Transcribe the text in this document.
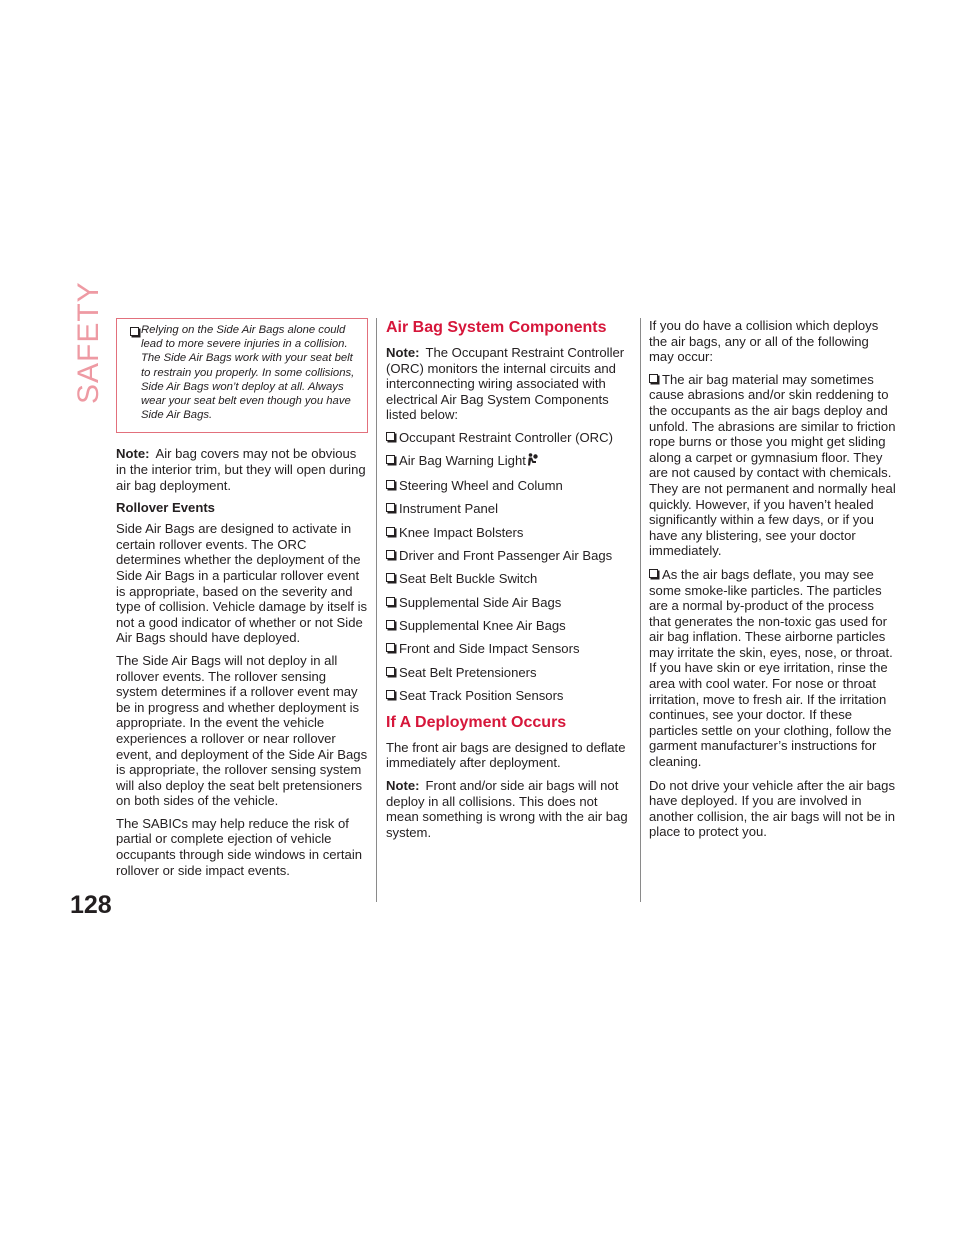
SAFETY
128
Relying on the Side Air Bags alone could lead to more severe injuries in a collision. The Side Air Bags work with your seat belt to restrain you properly. In some collisions, Side Air Bags won’t deploy at all. Always wear your seat belt even though you have Side Air Bags.

Note: Air bag covers may not be obvious in the interior trim, but they will open during air bag deployment.

Rollover Events

Side Air Bags are designed to activate in certain rollover events. The ORC determines whether the deployment of the Side Air Bags in a particular rollover event is appropriate, based on the severity and type of collision. Vehicle damage by itself is not a good indicator of whether or not Side Air Bags should have deployed.

The Side Air Bags will not deploy in all rollover events. The rollover sensing system determines if a rollover event may be in progress and whether deployment is appropriate. In the event the vehicle experiences a rollover or near rollover event, and deployment of the Side Air Bags is appropriate, the rollover sensing system will also deploy the seat belt pretensioners on both sides of the vehicle.

The SABICs may help reduce the risk of partial or complete ejection of vehicle occupants through side windows in certain rollover or side impact events.

Air Bag System Components

Note: The Occupant Restraint Controller (ORC) monitors the internal circuits and interconnecting wiring associated with electrical Air Bag System Components listed below:

Occupant Restraint Controller (ORC)
Air Bag Warning Light
Steering Wheel and Column
Instrument Panel
Knee Impact Bolsters
Driver and Front Passenger Air Bags
Seat Belt Buckle Switch
Supplemental Side Air Bags
Supplemental Knee Air Bags
Front and Side Impact Sensors
Seat Belt Pretensioners
Seat Track Position Sensors
If A Deployment Occurs

The front air bags are designed to deflate immediately after deployment.

Note: Front and/or side air bags will not deploy in all collisions. This does not mean something is wrong with the air bag system.

If you do have a collision which deploys the air bags, any or all of the following may occur:

The air bag material may sometimes cause abrasions and/or skin reddening to the occupants as the air bags deploy and unfold. The abrasions are similar to friction rope burns or those you might get sliding along a carpet or gymnasium floor. They are not caused by contact with chemicals. They are not permanent and normally heal quickly. However, if you haven’t healed significantly within a few days, or if you have any blistering, see your doctor immediately.

As the air bags deflate, you may see some smoke-like particles. The particles are a normal by-product of the process that generates the non-toxic gas used for air bag inflation. These airborne particles may irritate the skin, eyes, nose, or throat. If you have skin or eye irritation, rinse the area with cool water. For nose or throat irritation, move to fresh air. If the irritation continues, see your doctor. If these particles settle on your clothing, follow the garment manufacturer’s instructions for cleaning.

Do not drive your vehicle after the air bags have deployed. If you are involved in another collision, the air bags will not be in place to protect you.
